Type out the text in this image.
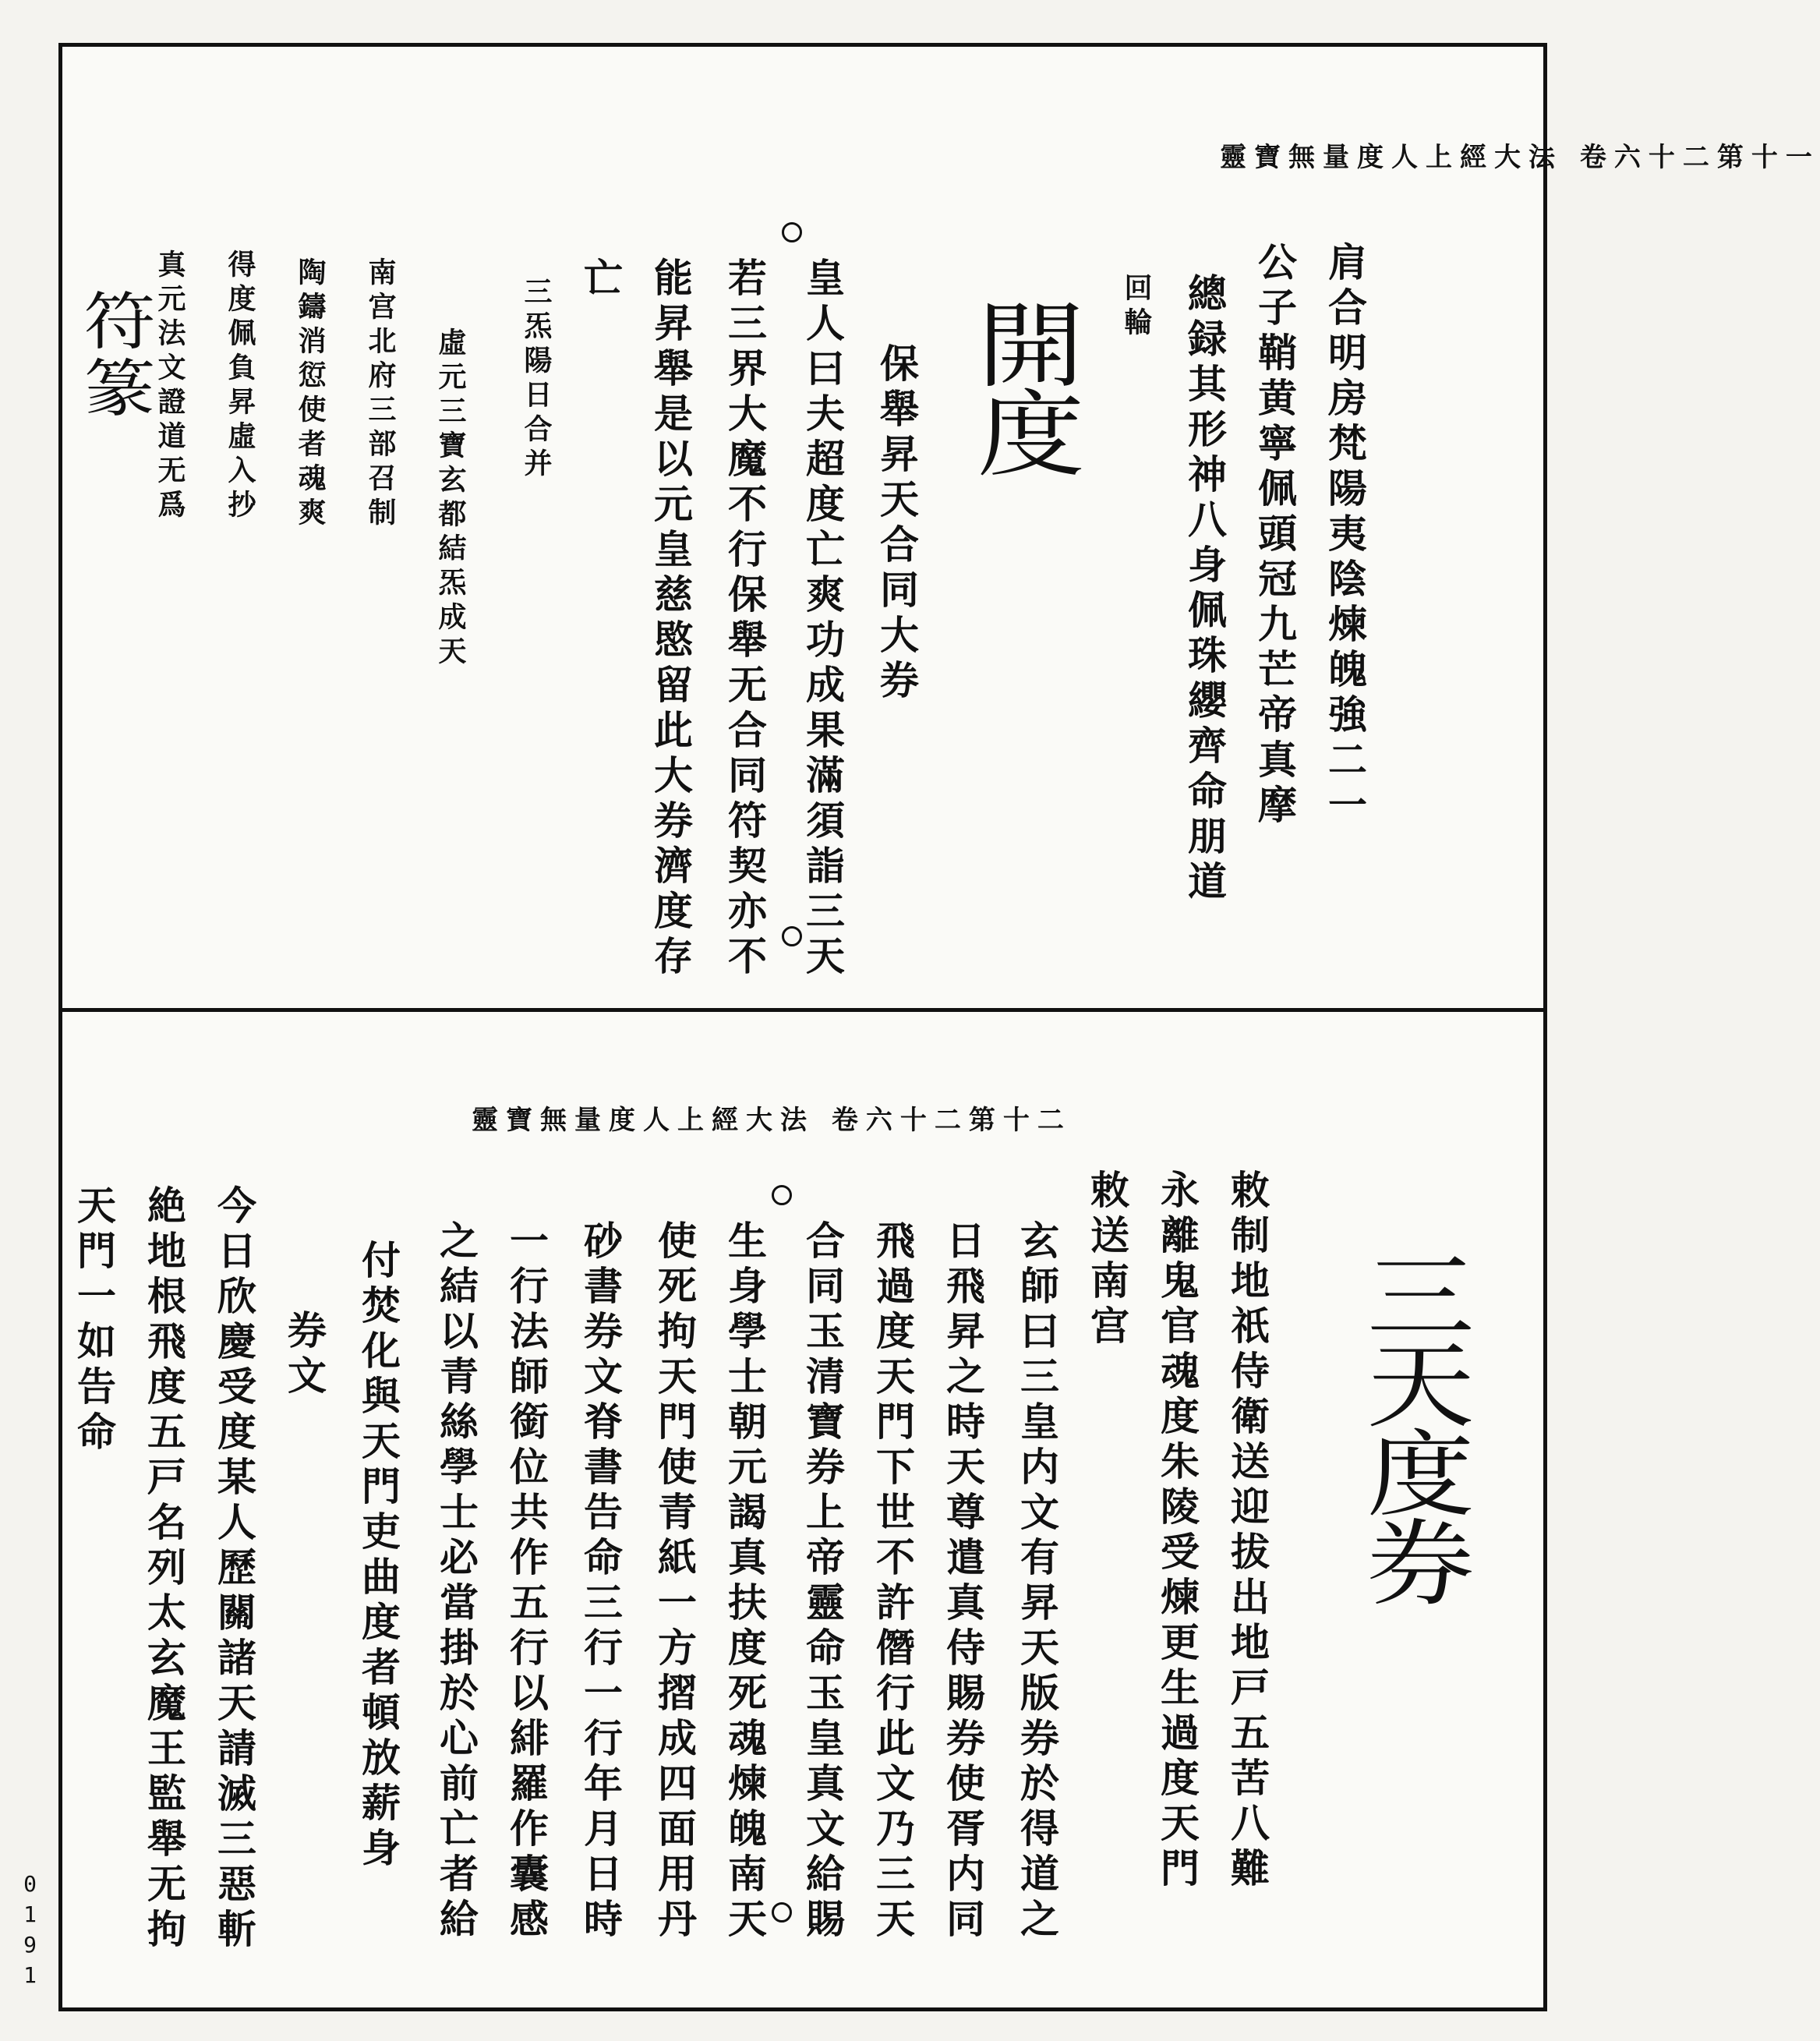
靈寶無量度人上經大法 卷六十二第十一
肩合明房梵陽夷陰煉魄強二一
公子鞘黄寧佩頭冠九芒帝真摩
總録其形神八身佩珠纓齊命朋道
回輪
開度
保舉昇天合同大券
皇人曰夫超度亡爽功成果滿須詣三天
若三界大魔不行保舉无合同符契亦不
能昇舉是以元皇慈愍留此大券濟度存
亡
三炁陽日合并
虛元三寶玄都結炁成天
南宫北府三部召制
陶鑄消愆使者魂爽
得度佩負昇虛入抄
真元法文證道无爲
符篆
靈寶無量度人上經大法 卷六十二第十二
三天度券
敕制地祇侍衛送迎拔出地戸五苦八難
永離鬼官魂度朱陵受煉更生過度天門
敕送南宫
玄師曰三皇内文有昇天版券於得道之
日飛昇之時天尊遣真侍賜券使胥内同
飛過度天門下世不許僭行此文乃三天
合同玉清寶券上帝靈命玉皇真文給賜
生身學士朝元謁真扶度死魂煉魄南天
使死拘天門使青紙一方摺成四面用丹
砂書券文脊書告命三行一行年月日時
一行法師銜位共作五行以緋羅作囊感
之結以青絲學士必當掛於心前亡者給
付焚化與天門吏曲度者頓放薪身
券文
今日欣慶受度某人歷關諸天請滅三惡斬
絶地根飛度五戸名列太玄魔王監舉无拘
天門一如告命
0191
